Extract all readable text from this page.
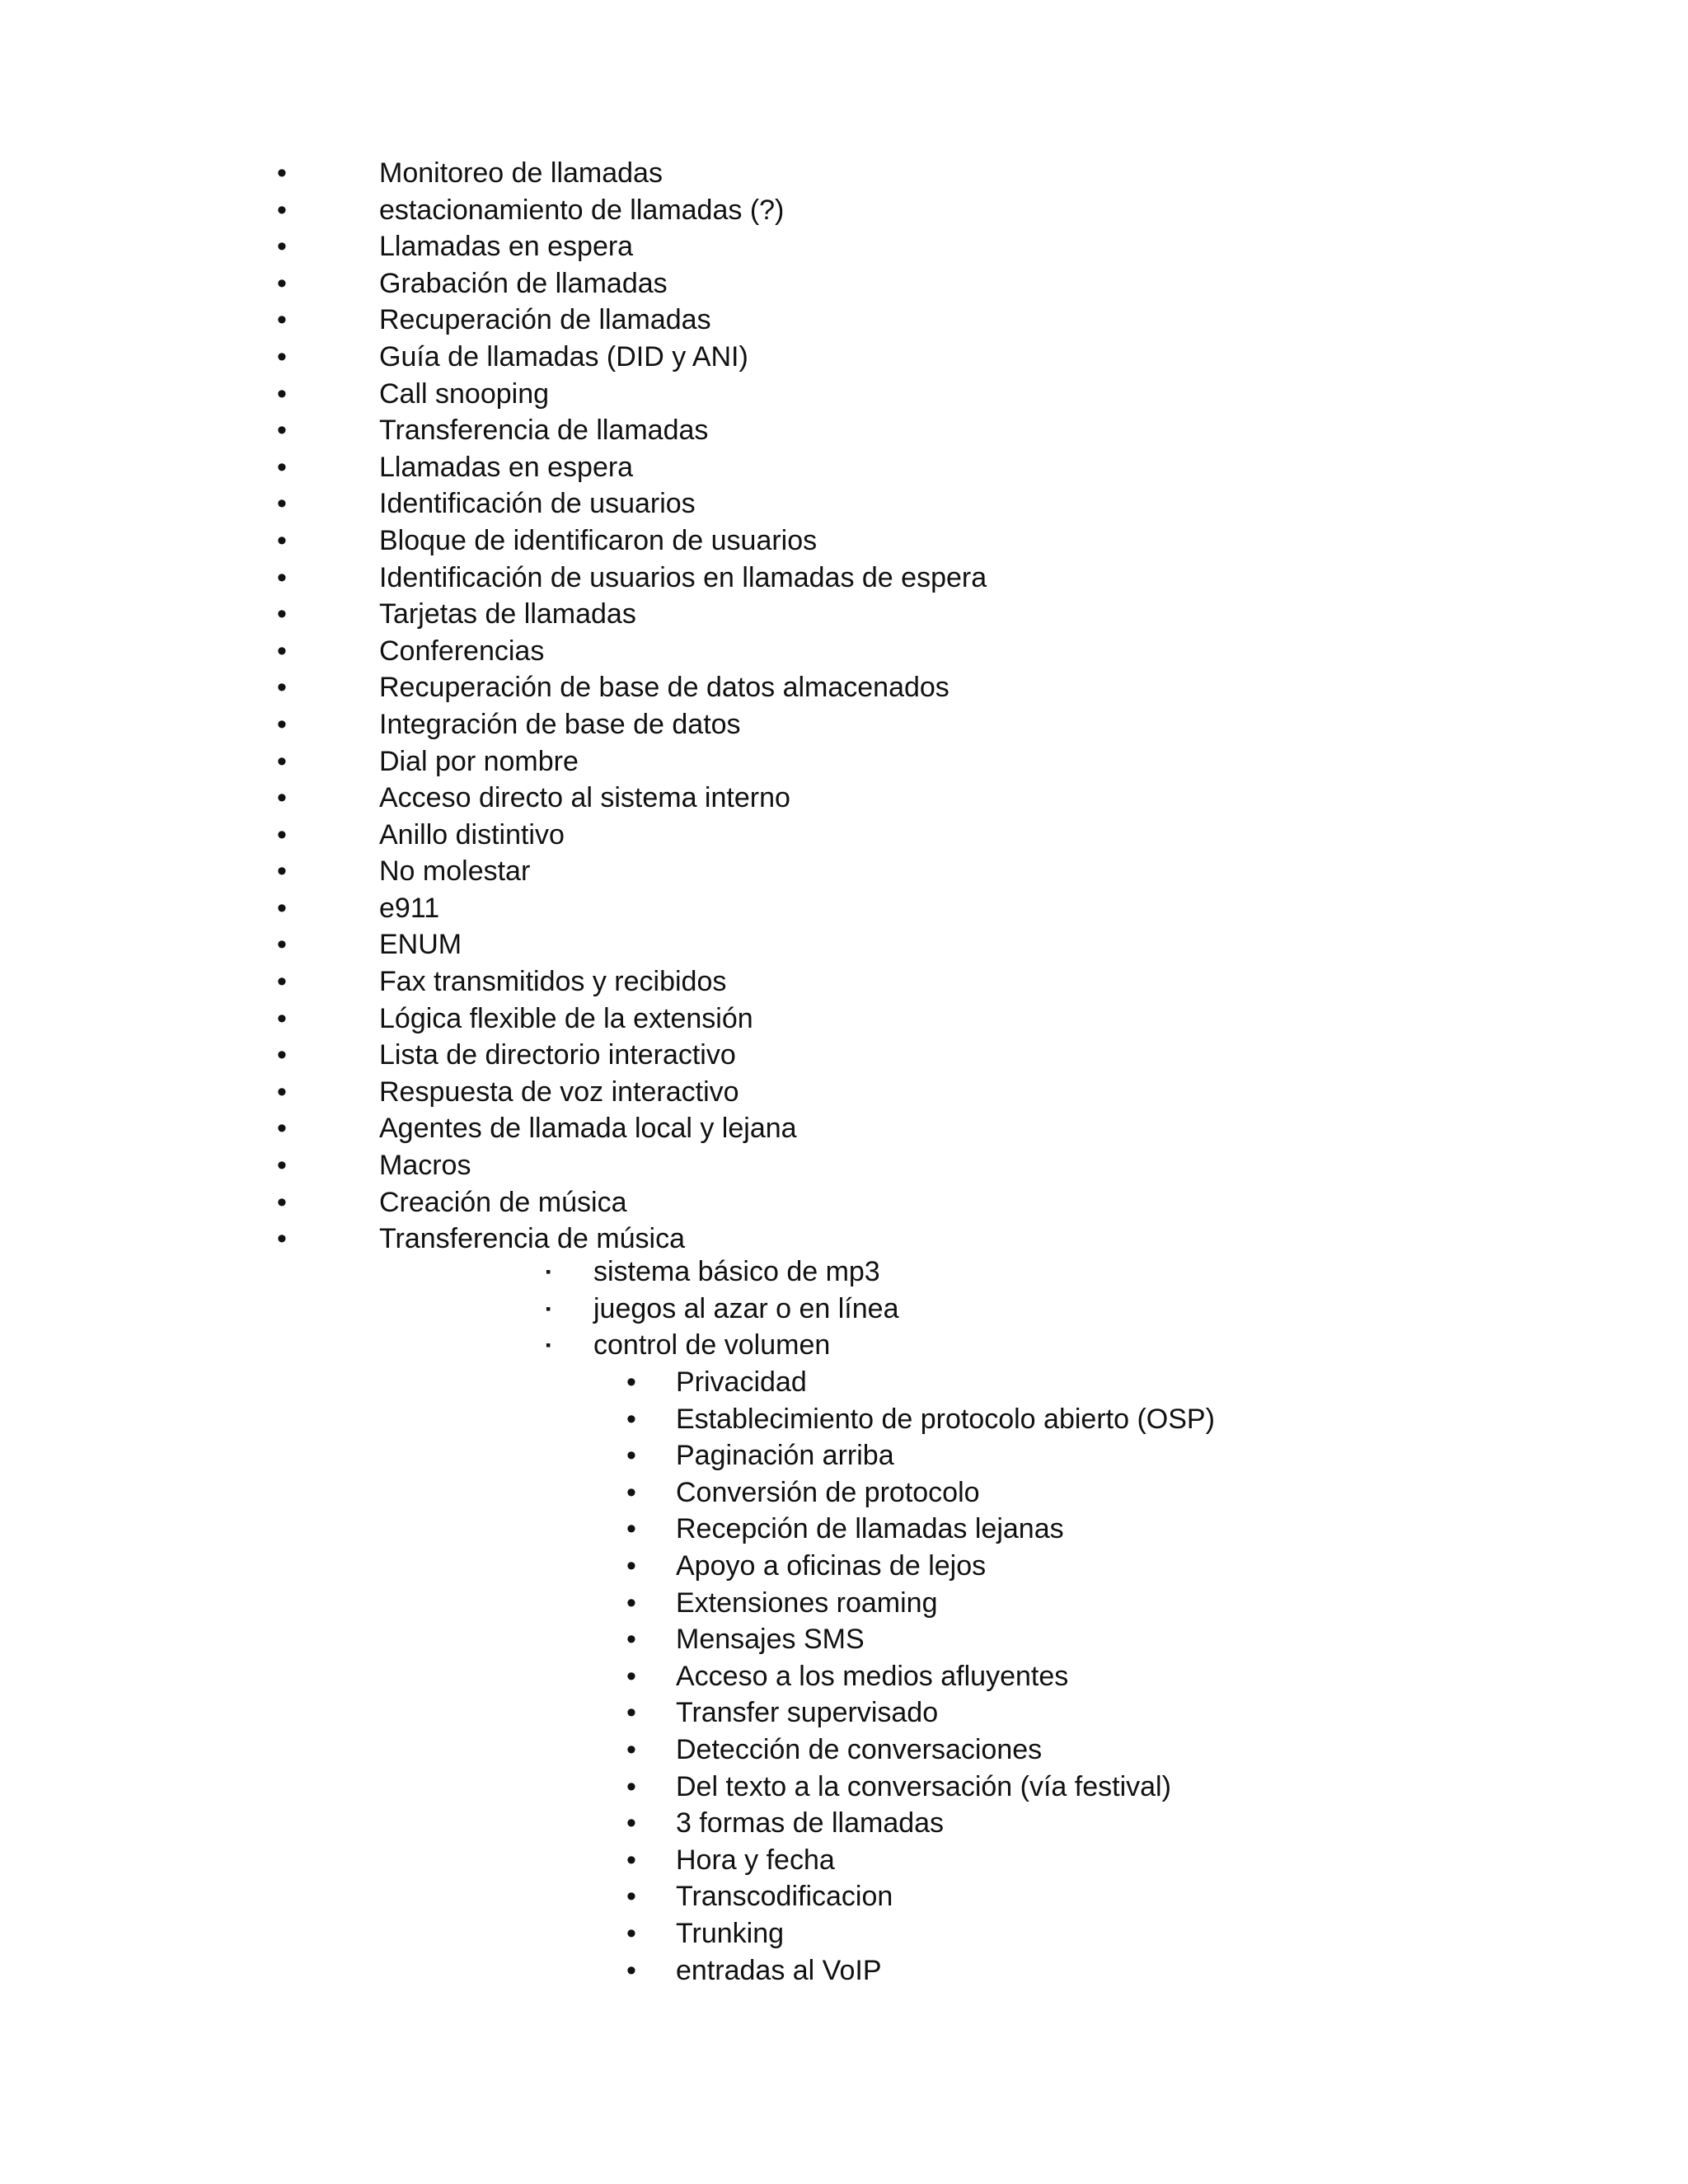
•	Monitoreo de llamadas
•	estacionamiento de llamadas (?)
•	Llamadas en espera
•	Grabación de llamadas
•	Recuperación de llamadas
•	Guía de llamadas (DID y ANI)
•	Call snooping
•	Transferencia de llamadas
•	Llamadas en espera
•	Identificación de usuarios
•	Bloque de identificaron de usuarios
•	Identificación de usuarios en llamadas de espera
•	Tarjetas de llamadas
•	Conferencias
•	Recuperación de base de datos almacenados
•	Integración de base de datos
•	Dial por nombre
•	Acceso directo al sistema interno
•	Anillo distintivo
•	No molestar
•	e911
•	ENUM
•	Fax transmitidos y recibidos
•	Lógica flexible de la extensión
•	Lista de directorio interactivo
•	Respuesta de voz interactivo
•	Agentes de llamada local y lejana
•	Macros
•	Creación de música
•	Transferencia de música
▪ sistema básico de mp3
▪ juegos al azar o en línea
▪ control de volumen
• Privacidad
• Establecimiento de protocolo abierto (OSP)
• Paginación arriba
• Conversión de protocolo
• Recepción de llamadas lejanas
• Apoyo a oficinas de lejos
• Extensiones roaming
• Mensajes SMS
• Acceso a los medios afluyentes
• Transfer supervisado
• Detección de conversaciones
• Del texto a la conversación (vía festival)
• 3 formas de llamadas
• Hora y fecha
• Transcodificacion
• Trunking
• entradas al VoIP
